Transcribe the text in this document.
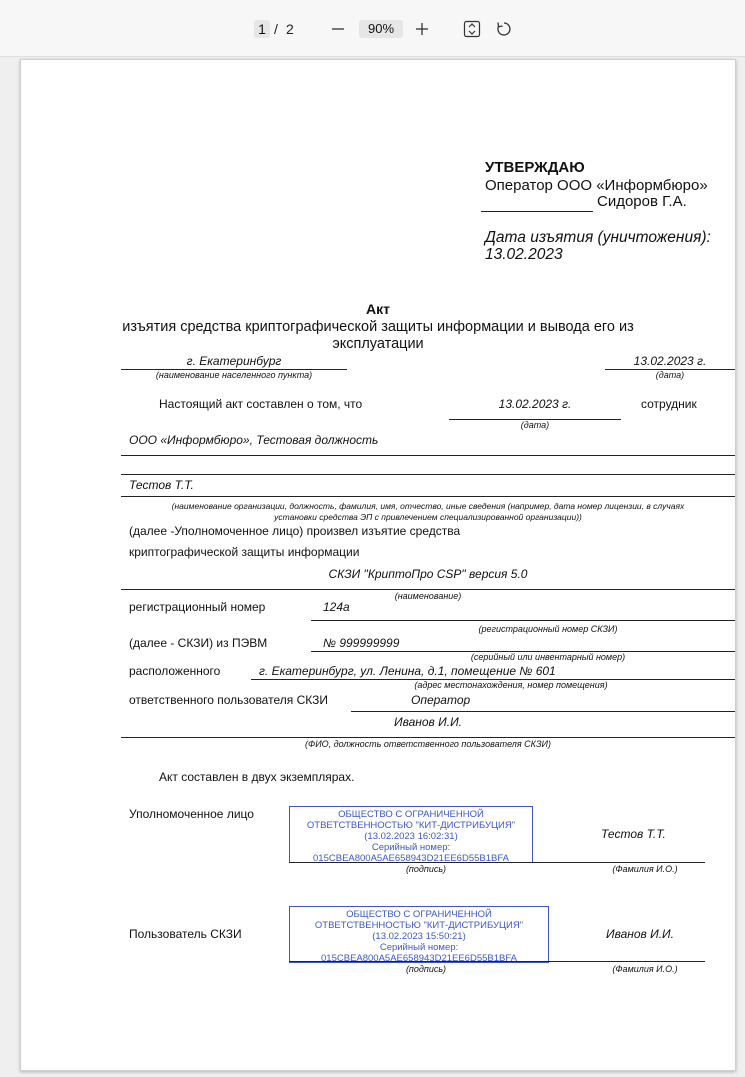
1 / 2	90%
УТВЕРЖДАЮ
Оператор ООО «Информбюро»
Сидоров Г.А.
Дата изъятия (уничтожения):
13.02.2023
Акт
изъятия средства криптографической защиты информации и вывода его из
эксплуатации
г. Екатеринбург
(наименование населенного пункта)
13.02.2023 г.
(дата)
Настоящий акт составлен о том, что	13.02.2023 г.
(дата)
сотрудник
ООО «Информбюро», Тестовая должность
Тестов Т.Т.
(наименование организации, должность, фамилия, имя, отчество, иные сведения (например, дата номер лицензии, в случаях
установки средства ЭП с привлечением специализированной организации))
(далее -Уполномоченное лицо) произвел изъятие средства
криптографической защиты информации
СКЗИ "КриптоПро CSP" версия 5.0
(наименование)
регистрационный номер	124а
(регистрационный номер СКЗИ)
(далее - СКЗИ) из ПЭВМ	№ 999999999
(серийный или инвентарный номер)
расположенного	г. Екатеринбург, ул. Ленина, д.1, помещение № 601
(адрес местонахождения, номер помещения)
ответственного пользователя СКЗИ	Оператор
Иванов И.И.
(ФИО, должность ответственного пользователя СКЗИ)
Акт составлен в двух экземплярах.
Уполномоченное лицо	ОБЩЕСТВО С ОГРАНИЧЕННОЙ
ОТВЕТСТВЕННОСТЬЮ "КИТ-ДИСТРИБУЦИЯ"
(13.02.2023 16:02:31)
Серийный номер:
015CBEA800A5AE658943D21EE6D55B1BFA
Тестов Т.Т.
(подпись)	(Фамилия И.О.)
Пользователь СКЗИ
ОБЩЕСТВО С ОГРАНИЧЕННОЙ
ОТВЕТСТВЕННОСТЬЮ "КИТ-ДИСТРИБУЦИЯ"
(13.02.2023 15:50:21)
Серийный номер:
015CBEA800A5AE658943D21EE6D55B1BFA
Иванов И.И.
(подпись)	(Фамилия И.О.)
